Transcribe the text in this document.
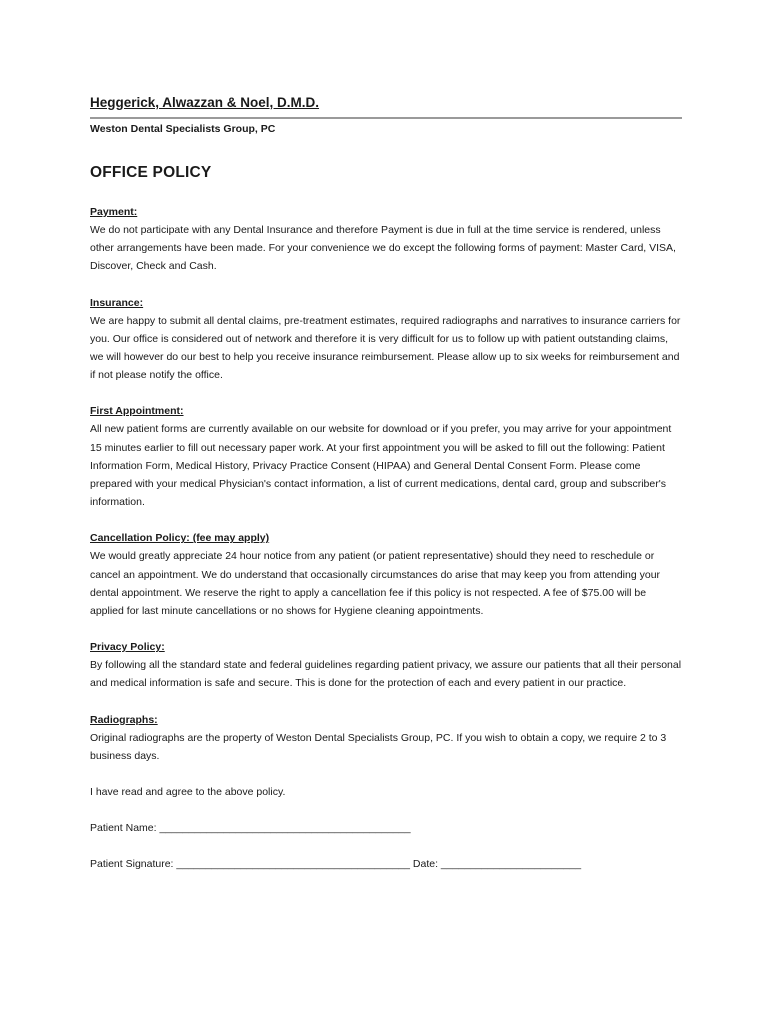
Heggerick, Alwazzan & Noel, D.M.D.

Weston Dental Specialists Group, PC

OFFICE POLICY

Payment:

We do not participate with any Dental Insurance and therefore Payment is due in full at the time service is rendered, unless other arrangements have been made. For your convenience we do except the following forms of payment: Master Card, VISA, Discover, Check and Cash.

Insurance:

We are happy to submit all dental claims, pre-treatment estimates, required radiographs and narratives to insurance carriers for you. Our office is considered out of network and therefore it is very difficult for us to follow up with patient outstanding claims, we will however do our best to help you receive insurance reimbursement. Please allow up to six weeks for reimbursement and if not please notify the office.

First Appointment:

All new patient forms are currently available on our website for download or if you prefer, you may arrive for your appointment 15 minutes earlier to fill out necessary paper work. At your first appointment you will be asked to fill out the following: Patient Information Form, Medical History, Privacy Practice Consent (HIPAA) and General Dental Consent Form. Please come prepared with your medical Physician's contact information, a list of current medications, dental card, group and subscriber's information.

Cancellation Policy: (fee may apply)

We would greatly appreciate 24 hour notice from any patient (or patient representative) should they need to reschedule or cancel an appointment. We do understand that occasionally circumstances do arise that may keep you from attending your dental appointment. We reserve the right to apply a cancellation fee if this policy is not respected. A fee of $75.00 will be applied for last minute cancellations or no shows for Hygiene cleaning appointments.

Privacy Policy:

By following all the standard state and federal guidelines regarding patient privacy, we assure our patients that all their personal and medical information is safe and secure. This is done for the protection of each and every patient in our practice.

Radiographs:

Original radiographs are the property of Weston Dental Specialists Group, PC. If you wish to obtain a copy, we require 2 to 3 business days.

I have read and agree to the above policy.

Patient Name: ___________________________________________

Patient Signature: ________________________________________ Date: ________________________
